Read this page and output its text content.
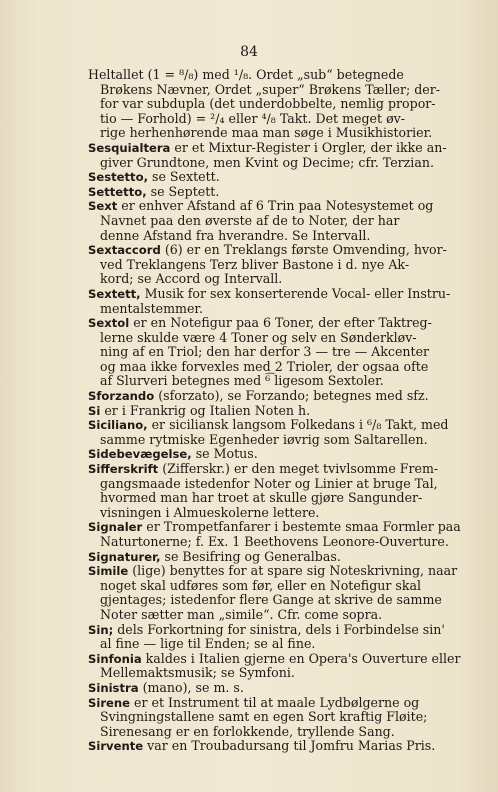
84
Heltallet (1 = ⁸/₈) med ¹/₈. Ordet „sub“ betegnede
Brøkens Nævner, Ordet „super“ Brøkens Tæller; der-
for var subdupla (det underdobbelte, nemlig propor-
tio — Forhold) = ²/₄ eller ⁴/₈ Takt. Det meget øv-
rige herhenhørende maa man søge i Musikhistorier.
Sesquialtera er et Mixtur-Register i Orgler, der ikke an-
giver Grundtone, men Kvint og Decime; cfr. Terzian.
Sestetto, se Sextett.
Settetto, se Septett.
Sext er enhver Afstand af 6 Trin paa Notesystemet og
Navnet paa den øverste af de to Noter, der har
denne Afstand fra hverandre. Se Intervall.
Sextaccord (6) er en Treklangs første Omvending, hvor-
ved Treklangens Terz bliver Bastone i d. nye Ak-
kord; se Accord og Intervall.
Sextett, Musik for sex konserterende Vocal- eller Instru-
mentalstemmer.
Sextol er en Notefigur paa 6 Toner, der efter Taktreg-
lerne skulde være 4 Toner og selv en Sønderkløv-
ning af en Triol; den har derfor 3 — tre — Akcenter
og maa ikke forvexles med 2 Trioler, der ogsaa ofte
af Slurveri betegnes med ⁶͡ ligesom Sextoler.
Sforzando (sforzato), se Forzando; betegnes med sfz.
Si er i Frankrig og Italien Noten h.
Siciliano, er siciliansk langsom Folkedans i ⁶/₈ Takt, med
samme rytmiske Egenheder iøvrig som Saltarellen.
Sidebevægelse, se Motus.
Sifferskrift (Zifferskr.) er den meget tvivlsomme Frem-
gangsmaade istedenfor Noter og Linier at bruge Tal,
hvormed man har troet at skulle gjøre Sangunder-
visningen i Almueskolerne lettere.
Signaler er Trompetfanfarer i bestemte smaa Formler paa
Naturtonerne; f. Ex. 1 Beethovens Leonore-Ouverture.
Signaturer, se Besifring og Generalbas.
Simile (lige) benyttes for at spare sig Noteskrivning, naar
noget skal udføres som før, eller en Notefigur skal
gjentages; istedenfor flere Gange at skrive de samme
Noter sætter man „simile“. Cfr. come sopra.
Sin; dels Forkortning for sinistra, dels i Forbindelse sin'
al fine — lige til Enden; se al fine.
Sinfonia kaldes i Italien gjerne en Opera's Ouverture eller
Mellemaktsmusik; se Symfoni.
Sinistra (mano), se m. s.
Sirene er et Instrument til at maale Lydbølgerne og
Svingningstallene samt en egen Sort kraftig Fløite;
Sirenesang er en forlokkende, tryllende Sang.
Sirvente var en Troubadursang til Jomfru Marias Pris.
